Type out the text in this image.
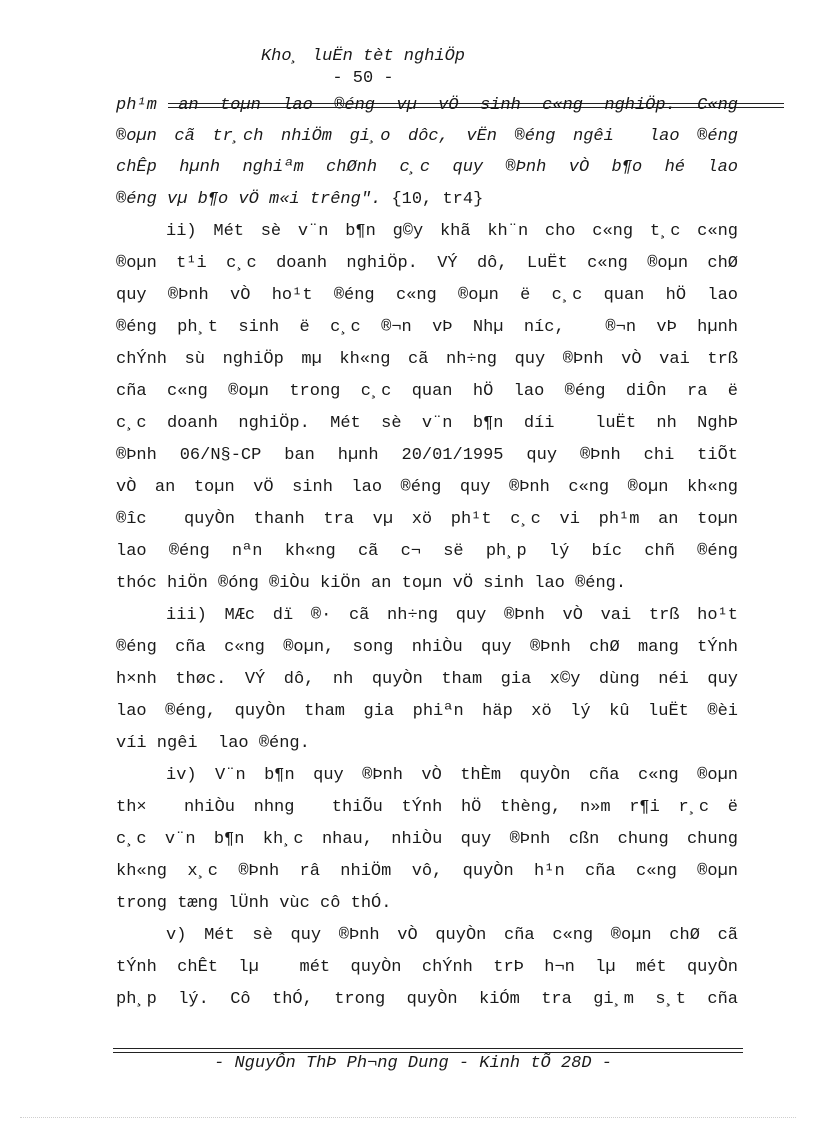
Kho¸ luËn tèt nghiÖp
- 50 -
ph¹m an toµn lao ®éng vµ vÖ sinh c«ng nghiÖp. C«ng
®oµn cã tr¸ch nhiÖm gi¸o dôc, vËn ®éng ngêi  lao ®éng
chÊp hµnh nghiªm chØnh c¸c quy ®Þnh vÒ b¶o hé lao
®éng vµ b¶o vÖ m«i trêng". {10, tr4}
ii) Mét sè v¨n b¶n g©y khã kh¨n cho c«ng t¸c c«ng
®oµn t¹i c¸c doanh nghiÖp. VÝ dô, LuËt c«ng ®oµn chØ
quy ®Þnh vÒ ho¹t ®éng c«ng ®oµn ë c¸c quan hÖ lao
®éng ph¸t sinh ë c¸c ®¬n vÞ Nhµ níc,  ®¬n vÞ hµnh
chÝnh sù nghiÖp mµ kh«ng cã nh÷ng quy ®Þnh vÒ vai trß
cña c«ng ®oµn trong c¸c quan hÖ lao ®éng diÔn ra ë
c¸c doanh nghiÖp. Mét sè v¨n b¶n díi  luËt nh NghÞ
®Þnh 06/N§-CP ban hµnh 20/01/1995 quy ®Þnh chi tiÕt
vÒ an toµn vÖ sinh lao ®éng quy ®Þnh c«ng ®oµn kh«ng
®îc  quyÒn thanh tra vµ xö ph¹t c¸c vi ph¹m an toµn
lao ®éng nªn kh«ng cã c¬ së ph¸p lý bíc chñ ®éng
thóc hiÖn ®óng ®iÒu kiÖn an toµn vÖ sinh lao ®éng.
iii) MÆc dï ®· cã nh÷ng quy ®Þnh vÒ vai trß ho¹t
®éng cña c«ng ®oµn, song nhiÒu quy ®Þnh chØ mang tÝnh
h×nh thøc. VÝ dô, nh quyÒn tham gia x©y dùng néi quy
lao ®éng, quyÒn tham gia phiªn häp xö lý kû luËt ®èi
víi ngêi  lao ®éng.
iv) V¨n b¶n quy ®Þnh vÒ thÈm quyÒn cña c«ng ®oµn
th×  nhiÒu nhng  thiÕu tÝnh hÖ thèng, n»m r¶i r¸c ë
c¸c v¨n b¶n kh¸c nhau, nhiÒu quy ®Þnh cßn chung chung
kh«ng x¸c ®Þnh râ nhiÖm vô, quyÒn h¹n cña c«ng ®oµn
trong tæng lÜnh vùc cô thÓ.
v) Mét sè quy ®Þnh vÒ quyÒn cña c«ng ®oµn chØ cã
tÝnh chÊt lµ  mét quyÒn chÝnh trÞ h¬n lµ mét quyÒn
ph¸p lý. Cô thÓ, trong quyÒn kiÓm tra gi¸m s¸t cña
- NguyÔn ThÞ Ph¬ng Dung - Kinh tÕ 28D -
